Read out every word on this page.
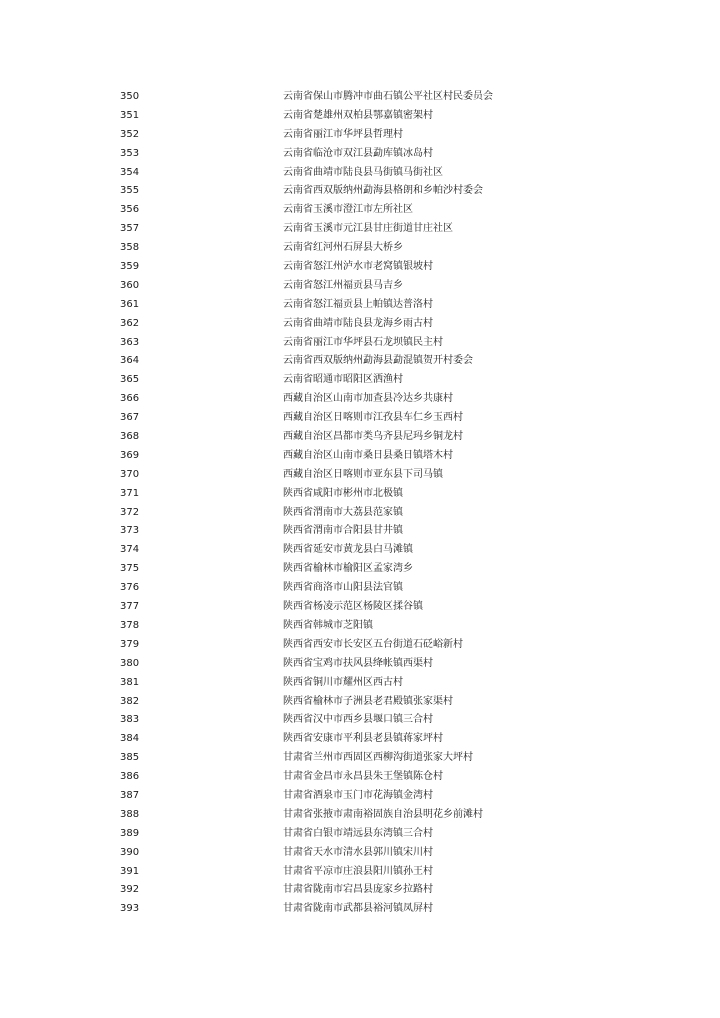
350	云南省保山市腾冲市曲石镇公平社区村民委员会
351	云南省楚雄州双柏县鄂嘉镇密架村
352	云南省丽江市华坪县哲理村
353	云南省临沧市双江县勐库镇冰岛村
354	云南省曲靖市陆良县马街镇马街社区
355	云南省西双版纳州勐海县格朗和乡帕沙村委会
356	云南省玉溪市澄江市左所社区
357	云南省玉溪市元江县甘庄街道甘庄社区
358	云南省红河州石屏县大桥乡
359	云南省怒江州泸水市老窝镇银坡村
360	云南省怒江州福贡县马吉乡
361	云南省怒江福贡县上帕镇达普洛村
362	云南省曲靖市陆良县龙海乡雨古村
363	云南省丽江市华坪县石龙坝镇民主村
364	云南省西双版纳州勐海县勐混镇贺开村委会
365	云南省昭通市昭阳区洒渔村
366	西藏自治区山南市加查县冷达乡共康村
367	西藏自治区日喀则市江孜县车仁乡玉西村
368	西藏自治区昌都市类乌齐县尼玛乡铜龙村
369	西藏自治区山南市桑日县桑日镇塔木村
370	西藏自治区日喀则市亚东县下司马镇
371	陕西省咸阳市彬州市北极镇
372	陕西省渭南市大荔县范家镇
373	陕西省渭南市合阳县甘井镇
374	陕西省延安市黄龙县白马滩镇
375	陕西省榆林市榆阳区孟家湾乡
376	陕西省商洛市山阳县法官镇
377	陕西省杨凌示范区杨陵区揉谷镇
378	陕西省韩城市芝阳镇
379	陕西省西安市长安区五台街道石砭峪新村
380	陕西省宝鸡市扶风县绛帐镇西渠村
381	陕西省铜川市耀州区西古村
382	陕西省榆林市子洲县老君殿镇张家渠村
383	陕西省汉中市西乡县堰口镇三合村
384	陕西省安康市平利县老县镇蒋家坪村
385	甘肃省兰州市西固区西柳沟街道张家大坪村
386	甘肃省金昌市永昌县朱王堡镇陈仓村
387	甘肃省酒泉市玉门市花海镇金湾村
388	甘肃省张掖市肃南裕固族自治县明花乡前滩村
389	甘肃省白银市靖远县东湾镇三合村
390	甘肃省天水市清水县郭川镇宋川村
391	甘肃省平凉市庄浪县阳川镇孙王村
392	甘肃省陇南市宕昌县庞家乡拉路村
393	甘肃省陇南市武都县裕河镇凤屏村
